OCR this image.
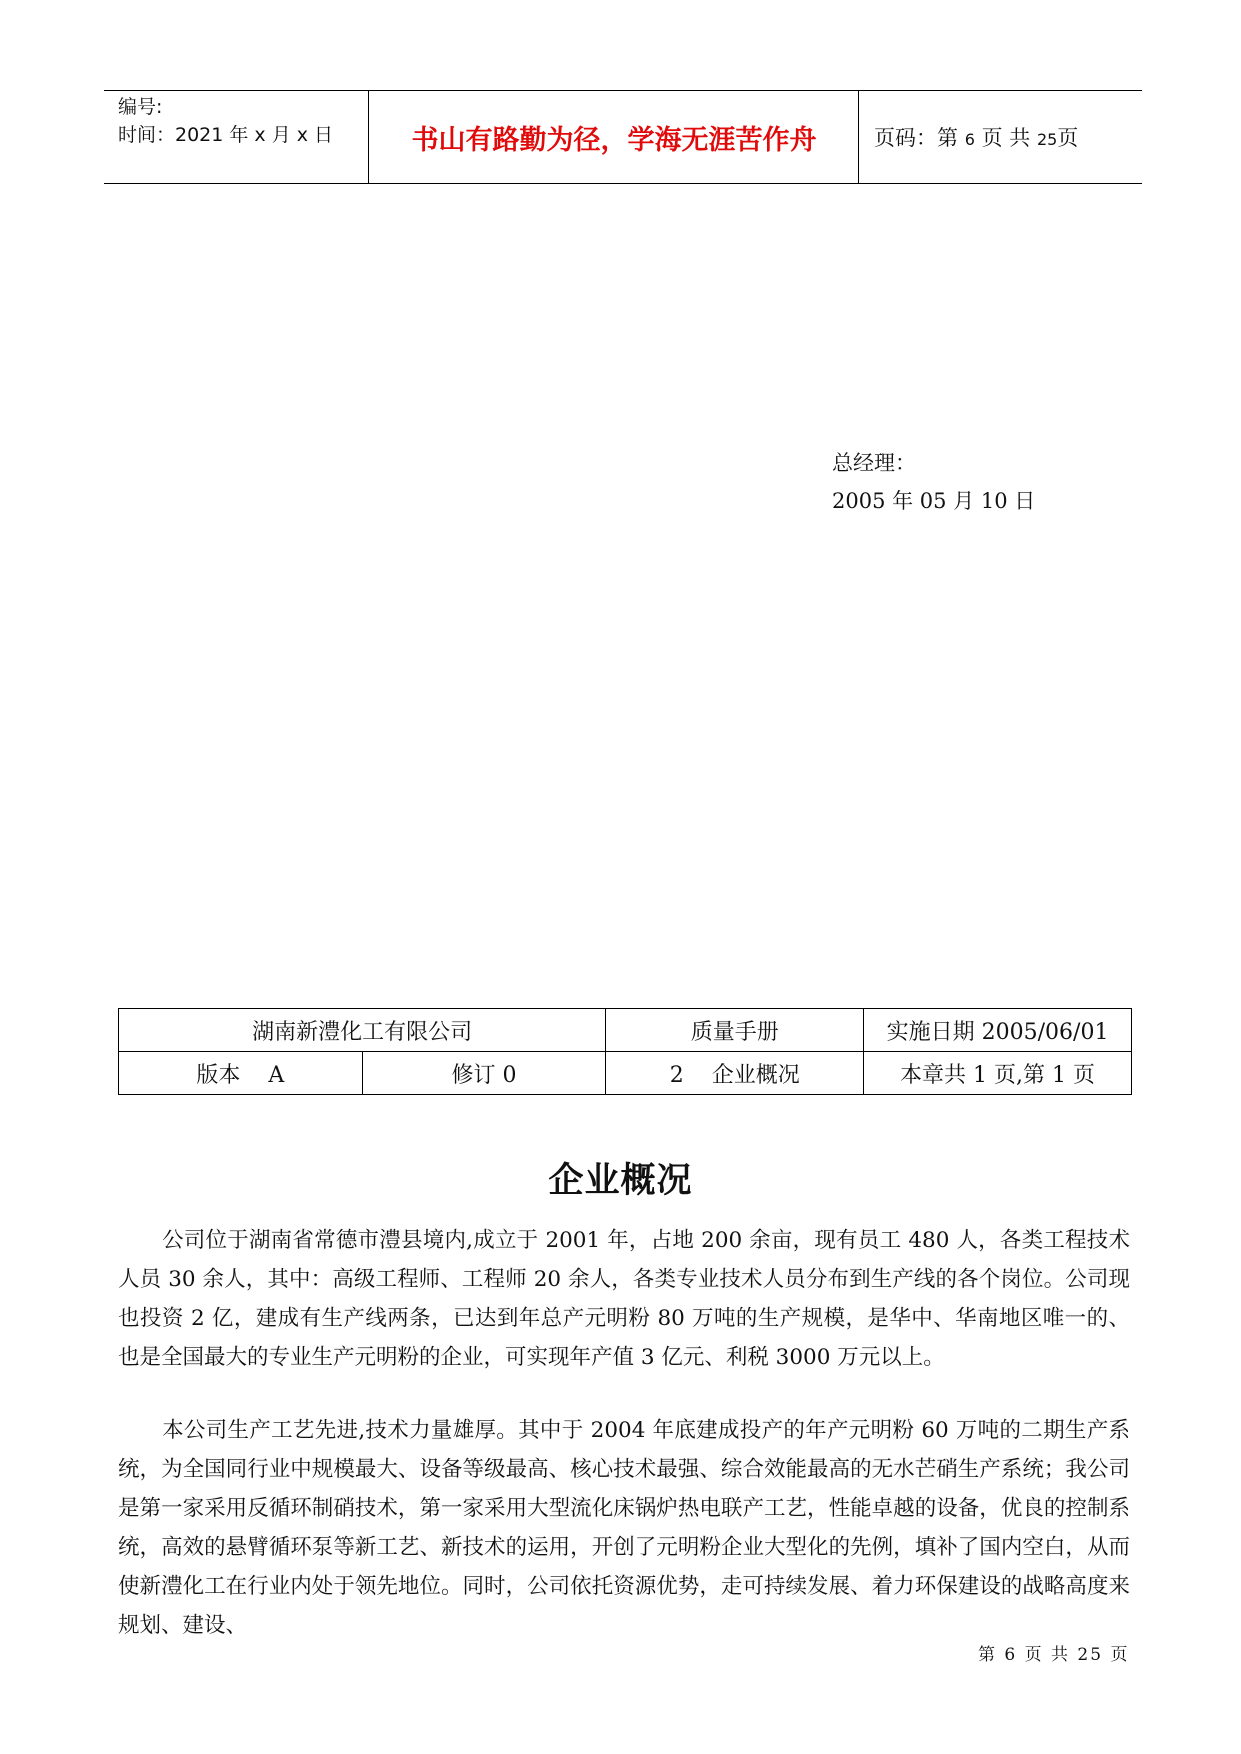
编号:
时间：2021 年 x 月 x 日	书山有路勤为径，学海无涯苦作舟	页码：第 6 页 共 25页
总经理：
2005 年 05 月 10 日
湖南新澧化工有限公司		质量手册	实施日期 2005/06/01
版本    A	修订 0	2    企业概况	本章共 1 页,第 1 页
企业概况

公司位于湖南省常德市澧县境内,成立于 2001 年，占地 200 余亩，现有员工 480 人，各类工程技术人员 30 余人，其中：高级工程师、工程师 20 余人，各类专业技术人员分布到生产线的各个岗位。公司现也投资 2 亿，建成有生产线两条，已达到年总产元明粉 80 万吨的生产规模，是华中、华南地区唯一的、也是全国最大的专业生产元明粉的企业，可实现年产值 3 亿元、利税 3000 万元以上。

本公司生产工艺先进,技术力量雄厚。其中于 2004 年底建成投产的年产元明粉 60 万吨的二期生产系统，为全国同行业中规模最大、设备等级最高、核心技术最强、综合效能最高的无水芒硝生产系统；我公司是第一家采用反循环制硝技术，第一家采用大型流化床锅炉热电联产工艺，性能卓越的设备，优良的控制系统，高效的悬臂循环泵等新工艺、新技术的运用，开创了元明粉企业大型化的先例，填补了国内空白，从而使新澧化工在行业内处于领先地位。同时，公司依托资源优势，走可持续发展、着力环保建设的战略高度来规划、建设、

第 6 页 共 25 页
